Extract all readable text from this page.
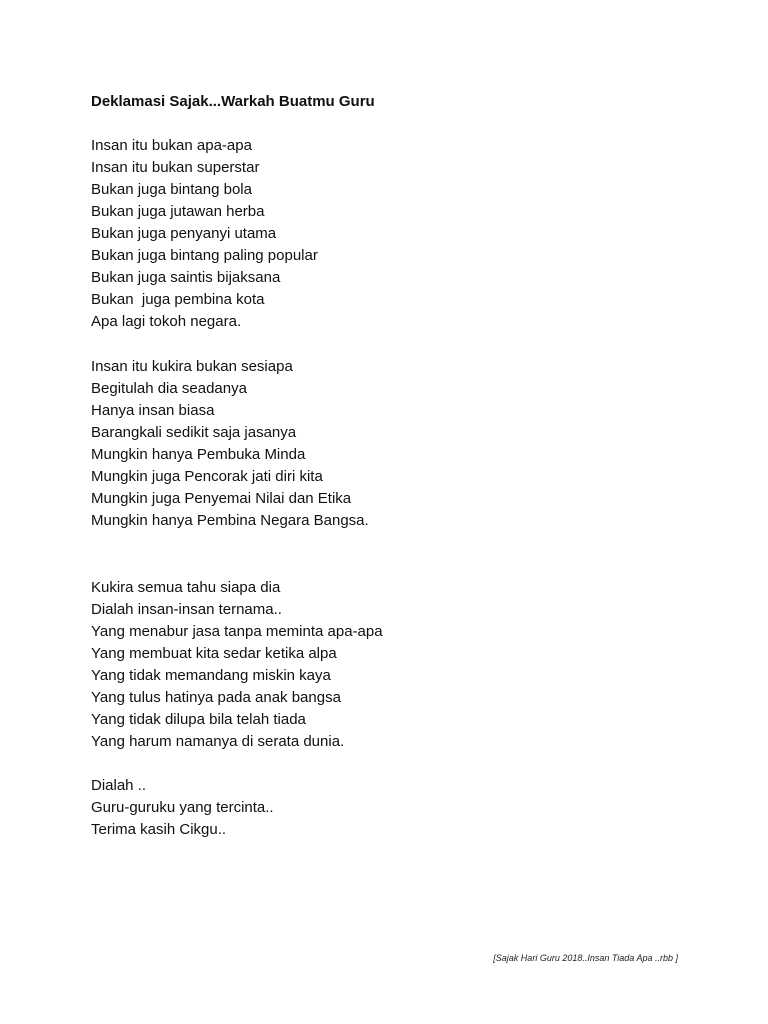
Deklamasi Sajak...Warkah Buatmu Guru
Insan itu bukan apa-apa
Insan itu bukan superstar
Bukan juga bintang bola
Bukan juga jutawan herba
Bukan juga penyanyi utama
Bukan juga bintang paling popular
Bukan juga saintis bijaksana
Bukan  juga pembina kota
Apa lagi tokoh negara.
Insan itu kukira bukan sesiapa
Begitulah dia seadanya
Hanya insan biasa
Barangkali sedikit saja jasanya
Mungkin hanya Pembuka Minda
Mungkin juga Pencorak jati diri kita
Mungkin juga Penyemai Nilai dan Etika
Mungkin hanya Pembina Negara Bangsa.
Kukira semua tahu siapa dia
Dialah insan-insan ternama..
Yang menabur jasa tanpa meminta apa-apa
Yang membuat kita sedar ketika alpa
Yang tidak memandang miskin kaya
Yang tulus hatinya pada anak bangsa
Yang tidak dilupa bila telah tiada
Yang harum namanya di serata dunia.
Dialah ..
Guru-guruku yang tercinta..
Terima kasih Cikgu..
[Sajak Hari Guru 2018..Insan Tiada Apa ..rbb ]
